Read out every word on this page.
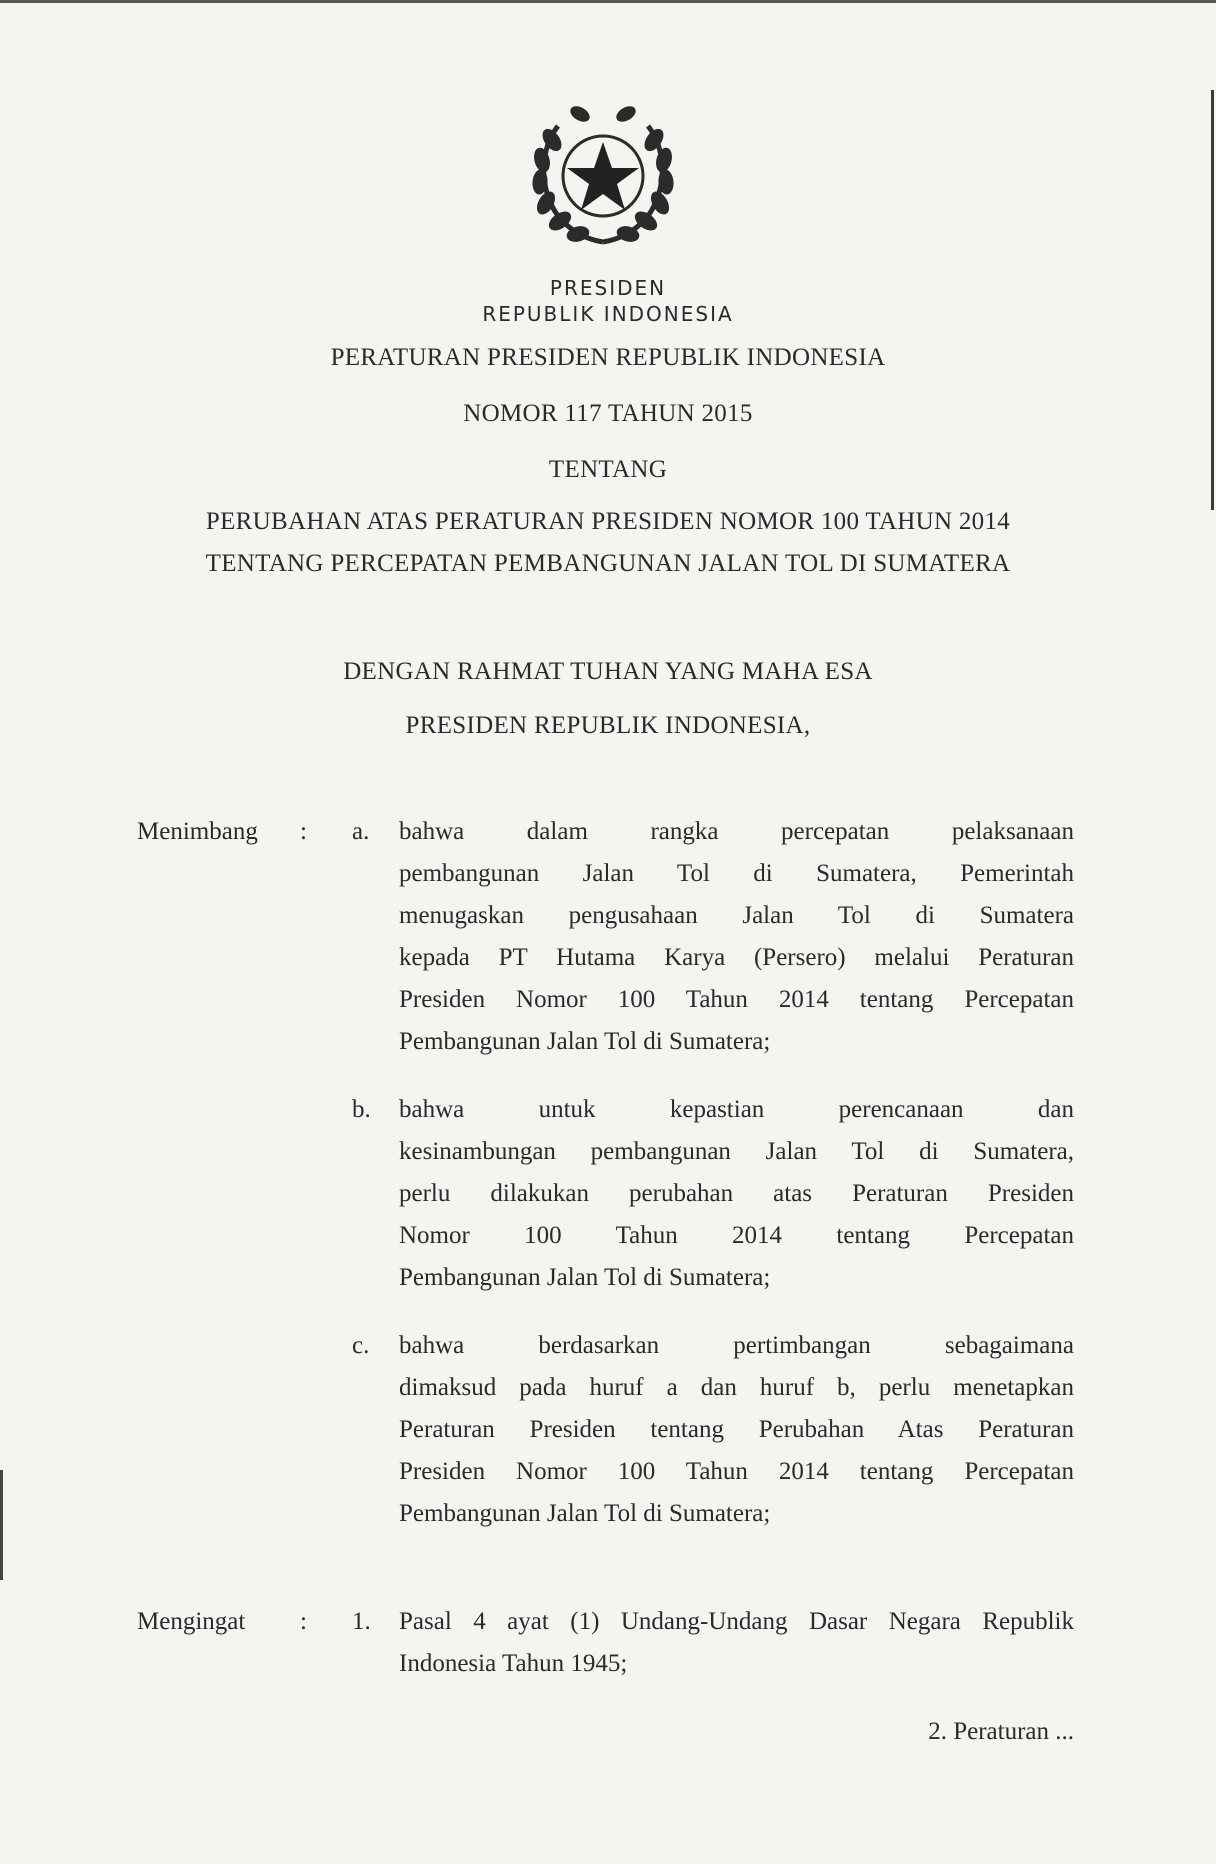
PRESIDEN
REPUBLIK INDONESIA
PERATURAN PRESIDEN REPUBLIK INDONESIA
NOMOR 117 TAHUN 2015
TENTANG
PERUBAHAN ATAS PERATURAN PRESIDEN NOMOR 100 TAHUN 2014
TENTANG PERCEPATAN PEMBANGUNAN JALAN TOL DI SUMATERA
DENGAN RAHMAT TUHAN YANG MAHA ESA
PRESIDEN REPUBLIK INDONESIA,
Menimbang : a. bahwa dalam rangka percepatan pelaksanaan
pembangunan Jalan Tol di Sumatera, Pemerintah
menugaskan pengusahaan Jalan Tol di Sumatera
kepada PT Hutama Karya (Persero) melalui Peraturan
Presiden Nomor 100 Tahun 2014 tentang Percepatan
Pembangunan Jalan Tol di Sumatera;
b. bahwa untuk kepastian perencanaan dan
kesinambungan pembangunan Jalan Tol di Sumatera,
perlu dilakukan perubahan atas Peraturan Presiden
Nomor 100 Tahun 2014 tentang Percepatan
Pembangunan Jalan Tol di Sumatera;
c. bahwa berdasarkan pertimbangan sebagaimana
dimaksud pada huruf a dan huruf b, perlu menetapkan
Peraturan Presiden tentang Perubahan Atas Peraturan
Presiden Nomor 100 Tahun 2014 tentang Percepatan
Pembangunan Jalan Tol di Sumatera;
Mengingat : 1. Pasal 4 ayat (1) Undang-Undang Dasar Negara Republik
Indonesia Tahun 1945;
2. Peraturan ...
